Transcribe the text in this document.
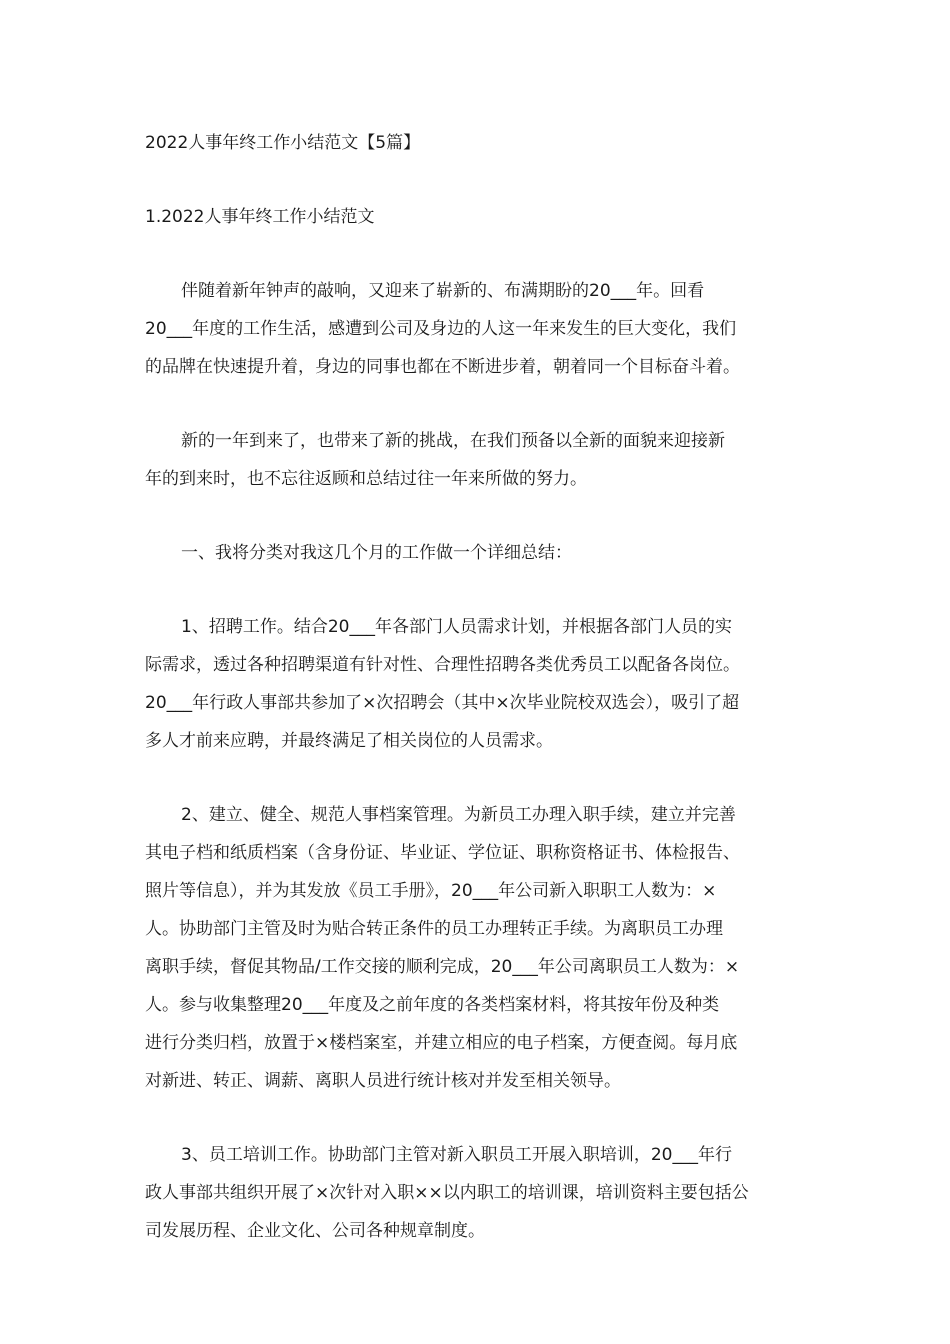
2022人事年终工作小结范文【5篇】

1.2022人事年终工作小结范文

伴随着新年钟声的敲响，又迎来了崭新的、布满期盼的20___年。回看

20___年度的工作生活，感遭到公司及身边的人这一年来发生的巨大变化，我们

的品牌在快速提升着，身边的同事也都在不断进步着，朝着同一个目标奋斗着。

新的一年到来了，也带来了新的挑战，在我们预备以全新的面貌来迎接新

年的到来时，也不忘往返顾和总结过往一年来所做的努力。

一、我将分类对我这几个月的工作做一个详细总结：

1、招聘工作。结合20___年各部门人员需求计划，并根据各部门人员的实

际需求，透过各种招聘渠道有针对性、合理性招聘各类优秀员工以配备各岗位。

20___年行政人事部共参加了×次招聘会（其中×次毕业院校双选会），吸引了超

多人才前来应聘，并最终满足了相关岗位的人员需求。

2、建立、健全、规范人事档案管理。为新员工办理入职手续，建立并完善

其电子档和纸质档案（含身份证、毕业证、学位证、职称资格证书、体检报告、

照片等信息），并为其发放《员工手册》，20___年公司新入职职工人数为：×

人。协助部门主管及时为贴合转正条件的员工办理转正手续。为离职员工办理

离职手续，督促其物品/工作交接的顺利完成，20___年公司离职员工人数为：×

人。参与收集整理20___年度及之前年度的各类档案材料，将其按年份及种类

进行分类归档，放置于×楼档案室，并建立相应的电子档案，方便查阅。每月底

对新进、转正、调薪、离职人员进行统计核对并发至相关领导。

3、员工培训工作。协助部门主管对新入职员工开展入职培训，20___年行

政人事部共组织开展了×次针对入职××以内职工的培训课，培训资料主要包括公

司发展历程、企业文化、公司各种规章制度。
